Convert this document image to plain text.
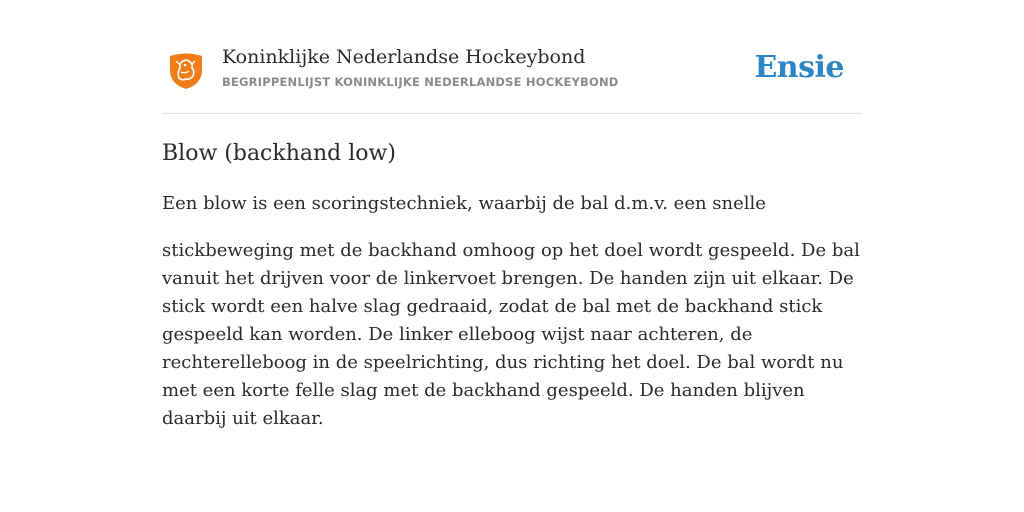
Koninklijke Nederlandse Hockeybond
BEGRIPPENLIJST KONINKLIJKE NEDERLANDSE HOCKEYBOND	Ensie
Blow (backhand low)

Een blow is een scoringstechniek, waarbij de bal d.m.v. een snelle

stickbeweging met de backhand omhoog op het doel wordt gespeeld. De bal vanuit het drijven voor de linkervoet brengen. De handen zijn uit elkaar. De stick wordt een halve slag gedraaid, zodat de bal met de backhand stick gespeeld kan worden. De linker elleboog wijst naar achteren, de rechterelleboog in de speelrichting, dus richting het doel. De bal wordt nu met een korte felle slag met de backhand gespeeld. De handen blijven daarbij uit elkaar.
